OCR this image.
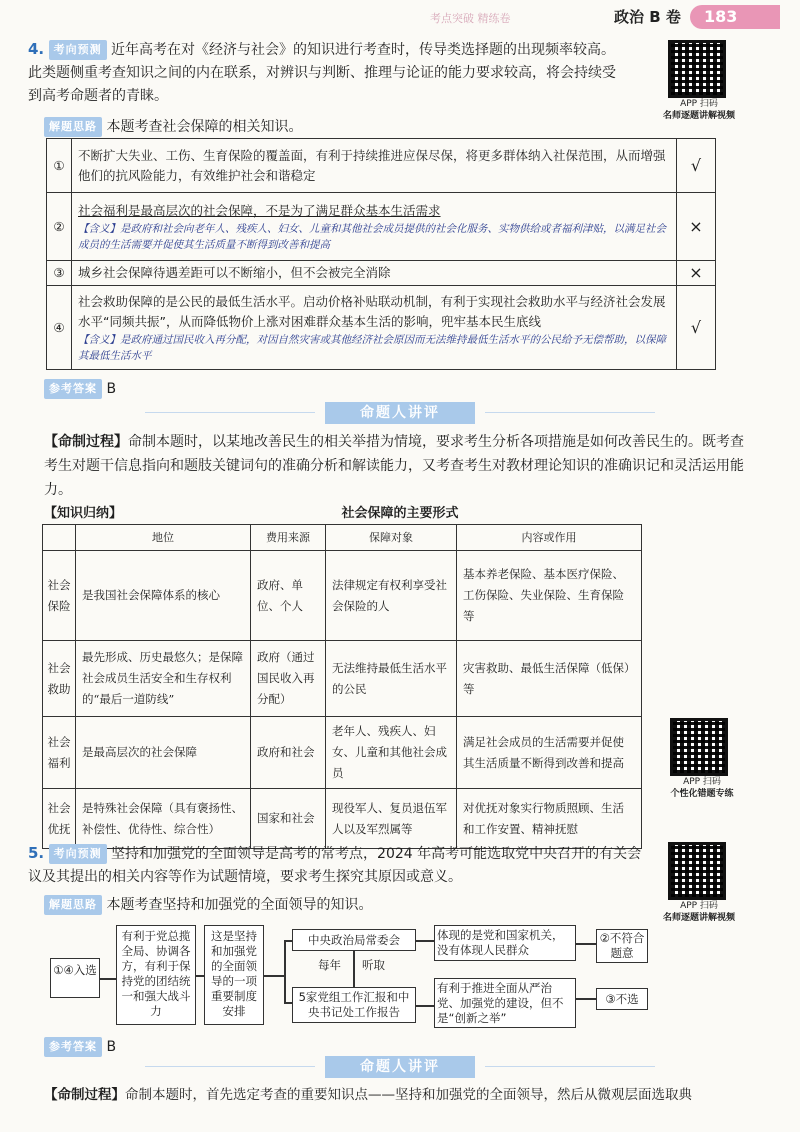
考点突破 精练卷	政治 B 卷	183
4. 考向预测 近年高考在对《经济与社会》的知识进行考查时，传导类选择题的出现频率较高。此类题侧重考查知识之间的内在联系，对辨识与判断、推理与论证的能力要求较高，将会持续受到高考命题者的青睐。
解题思路 本题考查社会保障的相关知识。
APP 扫码
名师逐题讲解视频
①	不断扩大失业、工伤、生育保险的覆盖面，有利于持续推进应保尽保，将更多群体纳入社保范围，从而增强他们的抗风险能力，有效维护社会和谐稳定	√
②	社会福利是最高层次的社会保障，不是为了满足群众基本生活需求
【含义】是政府和社会向老年人、残疾人、妇女、儿童和其他社会成员提供的社会化服务、实物供给或者福利津贴，以满足社会成员的生活需要并促使其生活质量不断得到改善和提高	×
③	城乡社会保障待遇差距可以不断缩小，但不会被完全消除	×
④	社会救助保障的是公民的最低生活水平。启动价格补贴联动机制，有利于实现社会救助水平与经济社会发展水平“同频共振”，从而降低物价上涨对困难群众基本生活的影响，兜牢基本民生底线
【含义】是政府通过国民收入再分配，对因自然灾害或其他经济社会原因而无法维持最低生活水平的公民给予无偿帮助，以保障其最低生活水平	√
参考答案 B
命题人讲评
【命制过程】命制本题时，以某地改善民生的相关举措为情境，要求考生分析各项措施是如何改善民生的。既考查考生对题干信息指向和题肢关键词句的准确分析和解读能力，又考查考生对教材理论知识的准确识记和灵活运用能力。
【知识归纳】	社会保障的主要形式
	地位	费用来源	保障对象	内容或作用
社会保险	是我国社会保障体系的核心	政府、单位、个人	法律规定有权利享受社会保险的人	基本养老保险、基本医疗保险、工伤保险、失业保险、生育保险等
社会救助	最先形成、历史最悠久；是保障社会成员生活安全和生存权利的“最后一道防线”	政府（通过国民收入再分配）	无法维持最低生活水平的公民	灾害救助、最低生活保障（低保）等
社会福利	是最高层次的社会保障	政府和社会	老年人、残疾人、妇女、儿童和其他社会成员	满足社会成员的生活需要并促使其生活质量不断得到改善和提高
社会优抚	是特殊社会保障（具有褒扬性、补偿性、优待性、综合性）	国家和社会	现役军人、复员退伍军人以及军烈属等	对优抚对象实行物质照顾、生活和工作安置、精神抚慰
APP 扫码
个性化错题专练
5. 考向预测 坚持和加强党的全面领导是高考的常考点，2024 年高考可能选取党中央召开的有关会议及其提出的相关内容等作为试题情境，要求考生探究其原因或意义。
解题思路 本题考查坚持和加强党的全面领导的知识。	APP 扫码
名师逐题讲解视频
①④入选
有利于党总揽全局、协调各方，有利于保持党的团结统一和强大战斗力
这是坚持和加强党的全面领导的一项重要制度安排
中央政治局常委会
每年 听取
5家党组工作汇报和中央书记处工作报告
体现的是党和国家机关，没有体现人民群众
②不符合题意
有利于推进全面从严治党、加强党的建设，但不是“创新之举”
③不选
参考答案 B
命题人讲评
【命制过程】命制本题时，首先选定考查的重要知识点——坚持和加强党的全面领导，然后从微观层面选取典
